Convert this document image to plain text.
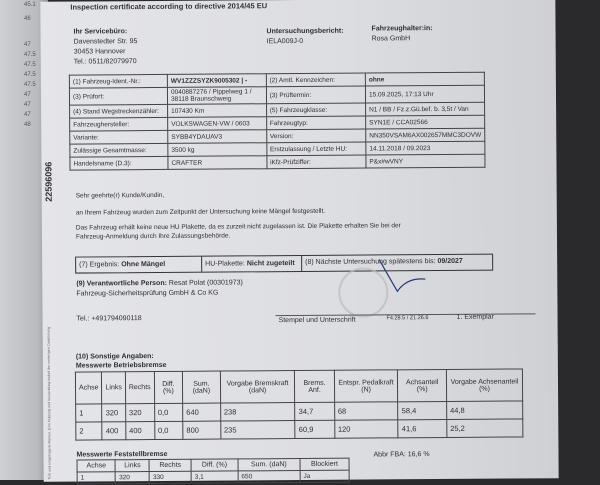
45.1
46
47
47.5
47.5
47.5
47.5
47
47
47
48
22596096
TÜV und eingetragene Marken. Eine Nutzung und Verwendung bedarf der vorherigen Zustimmung
Inspection certificate according to directive 2014/45 EU
Ihr Servicebüro:
Davenstedter Str. 95
30453 Hannover
Tel.: 0511/82079970
Untersuchungsbericht:
IELA009J-0
Fahrzeughalter:in:
Rosa GmbH
(1) Fahrzeug-Ident.-Nr.:	WV1ZZZSYZK9005302 | -	(2) Amtl. Kennzeichen:	ohne
(3) Prüfort:	0040887276 / Pippelweg 1 / 38118 Braunschweig	(3) Prüftermin:	15.09.2025, 17:13 Uhr
(4) Stand Wegstreckenzähler:	107430 Km	(5) Fahrzeugklasse:	N1 / BB / Fz.z.Gü.bef. b. 3,5t / Van
Fahrzeughersteller:	VOLKSWAGEN-VW / 0603	Fahrzeugtyp:	SYN1E / CCA02566
Variante:	SYBB4YDAUAV3	Version:	NN350VSAM6AX002657MMC3DOVW
Zulässige Gesamtmasse:	3500 kg	Erstzulassung / Letzte HU:	14.11.2018 / 09.2023
Handelsname (D.3):	CRAFTER	iKfz-Prüfziffer:	P&x#wVNY
Sehr geehrte(r) Kunde/Kundin,
an Ihrem Fahrzeug wurden zum Zeitpunkt der Untersuchung keine Mängel festgestellt.
Das Fahrzeug erhält keine neue HU Plakette, da es zurzeit nicht zugelassen ist. Die Plakette erhalten Sie bei der
Fahrzeug-Anmeldung durch Ihre Zulassungsbehörde.
(7) Ergebnis: Ohne Mängel	HU-Plakette: Nicht zugeteilt	(8) Nächste Untersuchung spätestens bis: 09/2027
(9) Verantwortliche Person: Resat Polat (00301973)
Fahrzeug-Sicherheitsprüfung GmbH & Co KG
Tel.: +491794090118	Stempel und Unterschrift	F4.28.5 / Z1.26.6	1. Exemplar
(10) Sonstige Angaben:
Messwerte Betriebsbremse
Achse	Links	Rechts	Diff. (%)	Sum. (daN)	Vorgabe Bremskraft (daN)	Brems. Anf.	Entspr. Pedalkraft (N)	Achsanteil (%)	Vorgabe Achsenanteil (%)
1	320	320	0,0	640	238	34,7	68	58,4	44,8
2	400	400	0,0	800	235	60,9	120	41,6	25,2
Messwerte Feststellbremse
Achse	Links	Rechts	Diff. (%)	Sum. (daN)	Blockiert
1	320	330	3,1	650	Ja
Abbr FBA: 16,6 %
